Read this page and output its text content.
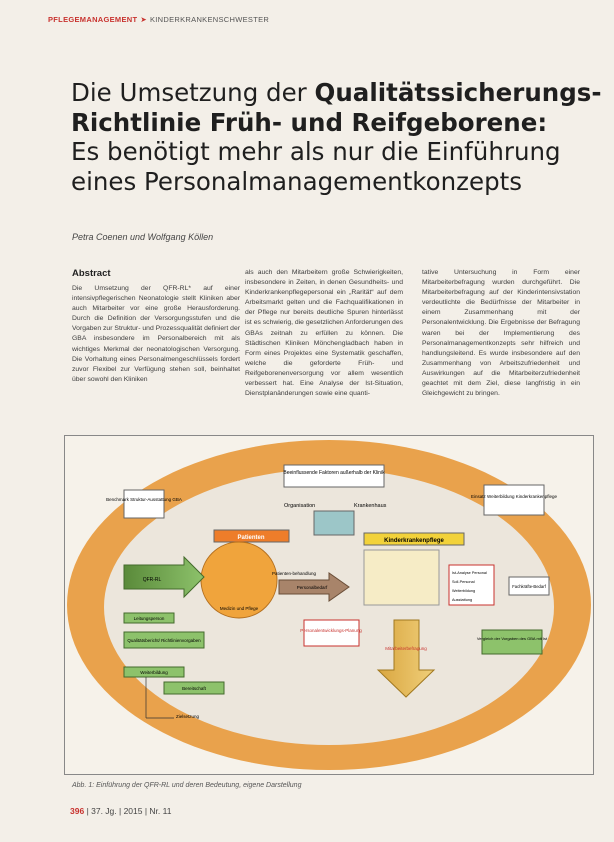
PFLEGEMANAGEMENT ➤ KINDERKRANKENSCHWESTER
Die Umsetzung der Qualitätssicherungs-
Richtlinie Früh- und Reifgeborene:
Es benötigt mehr als nur die Einführung
eines Personalmanagementkonzepts
Petra Coenen und Wolfgang Köllen
Abstract
Die Umsetzung der QFR-RL* auf einer intensivpflegerischen Neonatologie stellt Kliniken aber auch Mitarbeiter vor eine große Herausforderung. Durch die Definition der Versorgungsstufen und die Vorgaben zur Struktur- und Prozessqualität definiert der GBA insbesondere im Personalbereich mit als wichtiges Merkmal der neonatologischen Versorgung. Die Vorhaltung eines Personalmengeschlüssels fordert zuvor Flexibel zur Verfügung stehen soll, beinhaltet über sowohl den Kliniken
als auch den Mitarbeitern große Schwierigkeiten, insbesondere in Zeiten, in denen Gesundheits- und Kinderkrankenpflegepersonal ein „Rarität“ auf dem Arbeitsmarkt gelten und die Fachqualifikationen in der Pflege nur bereits deutliche Spuren hinterlässt ist es schwierig, die gesetzlichen Anforderungen des GBAs zeitnah zu erfüllen zu können. Die Städtischen Kliniken Mönchengladbach haben in Form eines Projektes eine Systematik geschaffen, welche die geforderte Früh- und Reifgeborenenversorgung vor allem wesentlich verbessert hat. Eine Analyse der Ist-Situation, Dienstplanänderungen sowie eine quanti-
tative Untersuchung in Form einer Mitarbeiterbefragung wurden durchgeführt. Die Mitarbeiterbefragung auf der Kinderintensivstation verdeutlichte die Bedürfnisse der Mitarbeiter in einem Zusammenhang mit der Personalentwicklung. Die Ergebnisse der Befragung waren bei der Implementierung des Personalmanagementkonzepts sehr hilfreich und handlungsleitend. Es wurde insbesondere auf den Zusammenhang von Arbeitszufriedenheit und Auswirkungen auf die Mitarbeiterzufriedenheit geachtet mit dem Ziel, diese langfristig in ein Gleichgewicht zu bringen.
Beeinflussende Faktoren außerhalb der Klinik
Organisation	Krankenhaus
Benchmark Struktur-Ausstattung GBA
Einsatz Weiterbildung Kinderkrankenpflege
Patienten
Patienten-behandlung
Medizin und Pflege
QFR-RL
Leitungsperson
Qualitätsbericht/ Richtlinienvorgaben
Weiterbildung
Bereitschaft
Zielsetzung
Personalbedarf
Personalentwicklungs-Planung
Kinderkrankenpflege
Mitarbeiterbefragung
Ist-Analyse Personal
Soll-Personal
Weiterbildung
Ausstattung
Fachkräfte-Bedarf
Vergleich der Vorgaben des GBA mit Ist
Abb. 1: Einführung der QFR-RL und deren Bedeutung, eigene Darstellung
396 | 37. Jg. | 2015 | Nr. 11
